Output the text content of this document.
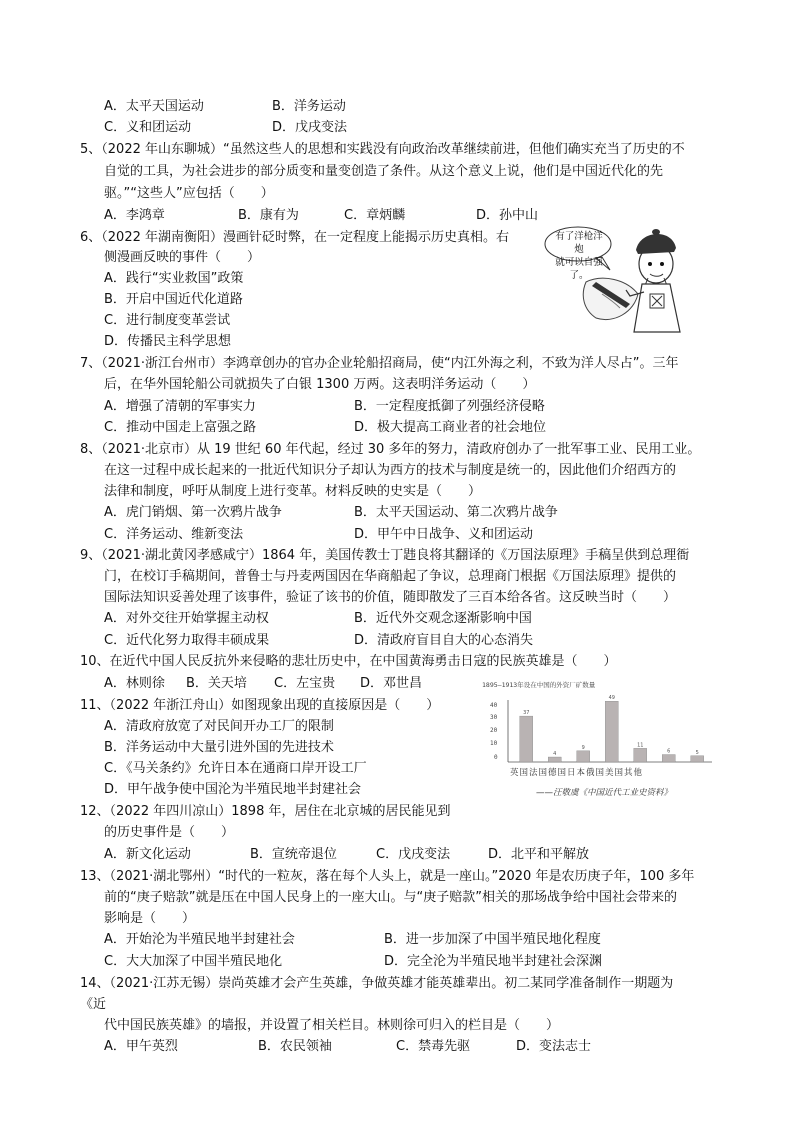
A．太平天国运动	B．洋务运动
C．义和团运动	D．戊戌变法
5、（2022 年山东聊城）“虽然这些人的思想和实践没有向政治改革继续前进，但他们确实充当了历史的不
自觉的工具，为社会进步的部分质变和量变创造了条件。从这个意义上说，他们是中国近代化的先
驱。”“这些人”应包括（　　）
A．李鸿章	B．康有为	C．章炳麟	D．孙中山
6、（2022 年湖南衡阳）漫画针砭时弊，在一定程度上能揭示历史真相。右
侧漫画反映的事件（　　）
A．践行“实业救国”政策
B．开启中国近代化道路
C．进行制度变革尝试
D．传播民主科学思想
有了洋枪洋炮
就可以自强了。
7、（2021·浙江台州市）李鸿章创办的官办企业轮船招商局，使“内江外海之利，不致为洋人尽占”。三年
后，在华外国轮船公司就损失了白银 1300 万两。这表明洋务运动（　　）
A．增强了清朝的军事实力	B．一定程度抵御了列强经济侵略
C．推动中国走上富强之路	D．极大提高工商业者的社会地位
8、（2021·北京市）从 19 世纪 60 年代起，经过 30 多年的努力，清政府创办了一批军事工业、民用工业。
在这一过程中成长起来的一批近代知识分子却认为西方的技术与制度是统一的，因此他们介绍西方的
法律和制度，呼吁从制度上进行变革。材料反映的史实是（　　）
A．虎门销烟、第一次鸦片战争	B．太平天国运动、第二次鸦片战争
C．洋务运动、维新变法	D．甲午中日战争、义和团运动
9、（2021·湖北黄冈孝感咸宁）1864 年，美国传教士丁韪良将其翻译的《万国法原理》手稿呈供到总理衙
门，在校订手稿期间，普鲁士与丹麦两国因在华商船起了争议，总理商门根据《万国法原理》提供的
国际法知识妥善处理了该事件，验证了该书的价值，随即散发了三百本给各省。这反映当时（　　）
A．对外交往开始掌握主动权	B．近代外交观念逐渐影响中国
C．近代化努力取得丰硕成果	D．清政府盲目自大的心态消失
10、在近代中国人民反抗外来侵略的悲壮历史中，在中国黄海勇击日寇的民族英雄是（　　）
A．林则徐 B．关天培 C．左宝贵 D．邓世昌
11、（2022 年浙江舟山）如图现象出现的直接原因是（　　）
A．清政府放宽了对民间开办工厂的限制
B．洋务运动中大量引进外国的先进技术
C．《马关条约》允许日本在通商口岸开设工厂
D．甲午战争使中国沦为半殖民地半封建社会
1895—1913年设在中国的外资厂矿数量
37
4
9
49
11
6	5
40
30
20
10
0
英国法国德国日本俄国美国其他
——汪敬虞《中国近代工业史资料》
12、（2022 年四川凉山）1898 年，居住在北京城的居民能见到
的历史事件是（　　）
A．新文化运动	B．宣统帝退位	C．戊戌变法	D．北平和平解放
13、（2021·湖北鄂州）“时代的一粒灰，落在每个人头上，就是一座山。”2020 年是农历庚子年，100 多年
前的“庚子赔款”就是压在中国人民身上的一座大山。与“庚子赔款”相关的那场战争给中国社会带来的
影响是（　　）
A．开始沦为半殖民地半封建社会	B．进一步加深了中国半殖民地化程度
C．大大加深了中国半殖民地化	D．完全沦为半殖民地半封建社会深渊
14、（2021·江苏无锡）崇尚英雄才会产生英雄，争做英雄才能英雄辈出。初二某同学准备制作一期题为
《近
代中国民族英雄》的墙报，并设置了相关栏目。林则徐可归入的栏目是（　　）
A．甲午英烈	B．农民领袖	C．禁毒先驱	D．变法志士
